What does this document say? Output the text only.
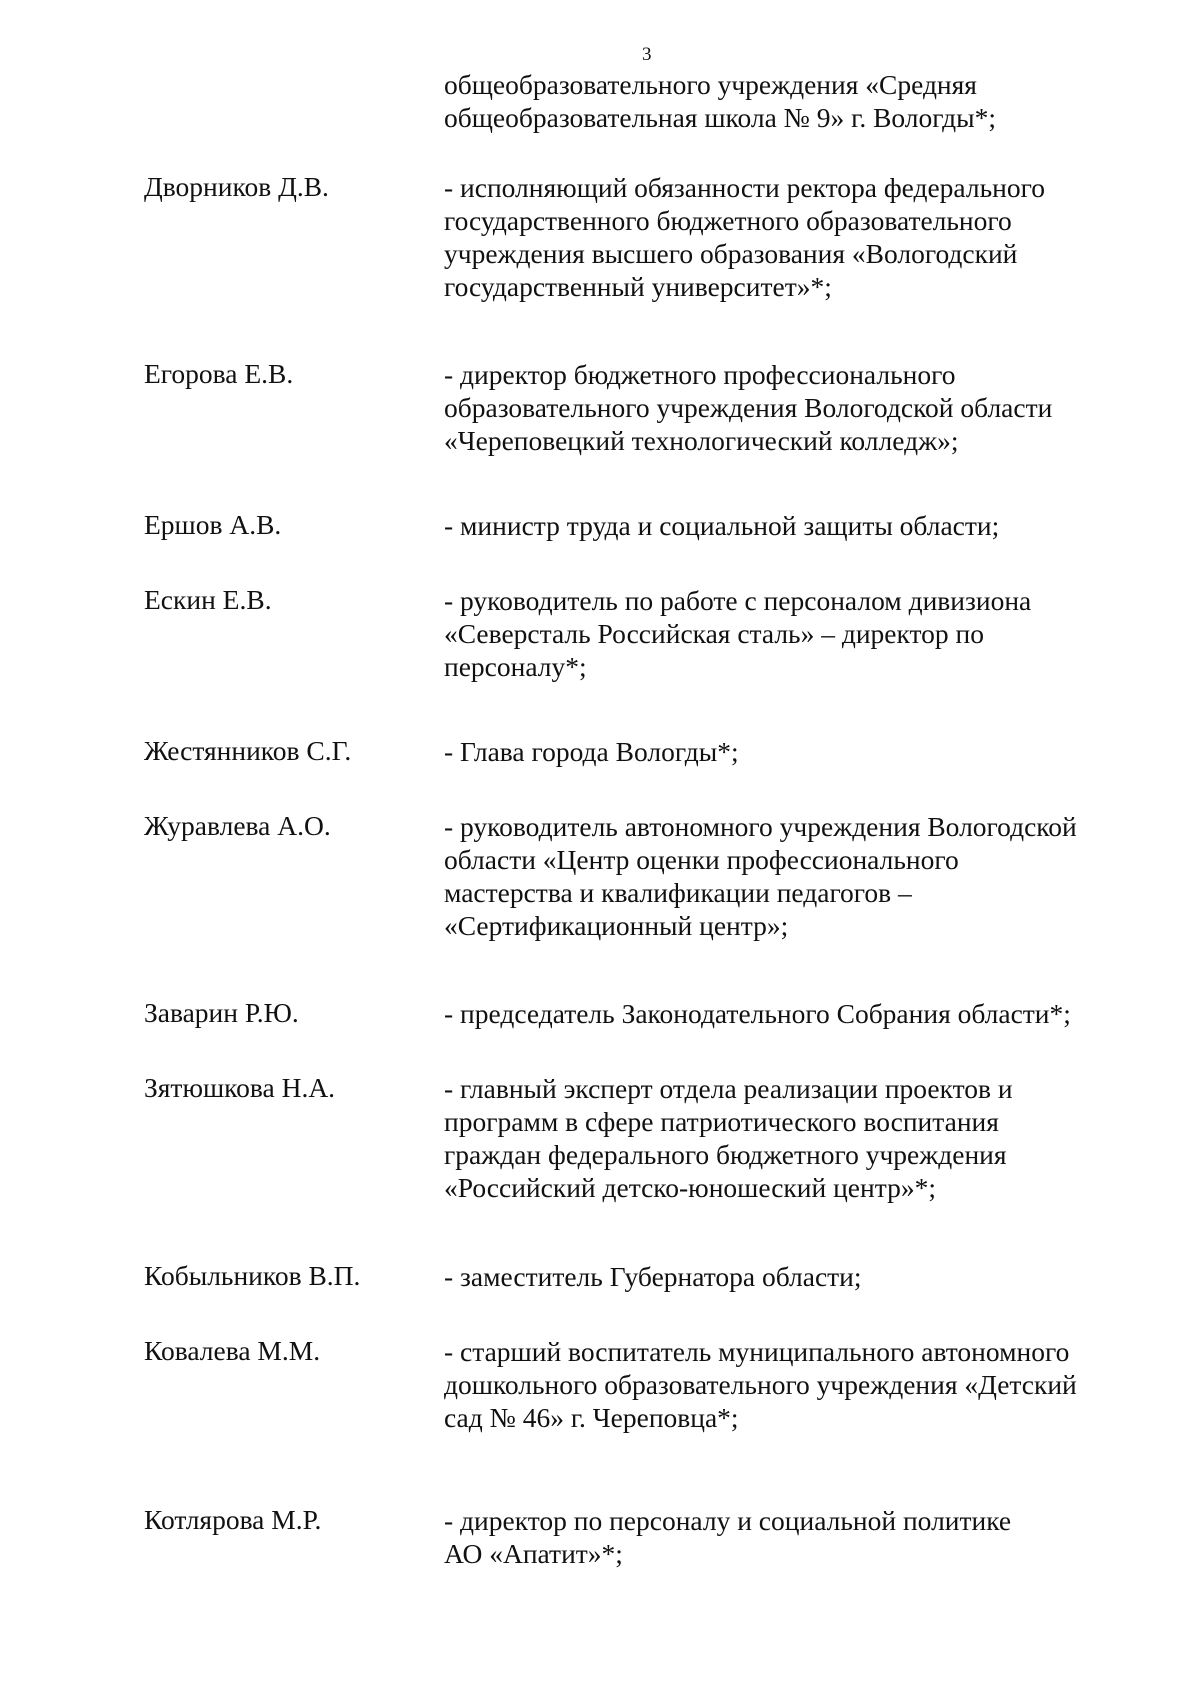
3
общеобразовательного учреждения «Средняя
общеобразовательная школа № 9» г. Вологды*;
Дворников Д.В.	- исполняющий обязанности ректора федерального
государственного бюджетного образовательного
учреждения высшего образования «Вологодский
государственный университет»*;
Егорова Е.В.	- директор бюджетного профессионального
образовательного учреждения Вологодской области
«Череповецкий технологический колледж»;
Ершов А.В.	- министр труда и социальной защиты области;
Ескин Е.В.	- руководитель по работе с персоналом дивизиона
«Северсталь Российская сталь» – директор по
персоналу*;
Жестянников С.Г.	- Глава города Вологды*;
Журавлева А.О.	- руководитель автономного учреждения Вологодской
области «Центр оценки профессионального
мастерства и квалификации педагогов –
«Сертификационный центр»;
Заварин Р.Ю.	- председатель Законодательного Собрания области*;
Зятюшкова Н.А.	- главный эксперт отдела реализации проектов и
программ в сфере патриотического воспитания
граждан федерального бюджетного учреждения
«Российский детско-юношеский центр»*;
Кобыльников В.П.	- заместитель Губернатора области;
Ковалева М.М.	- старший воспитатель муниципального автономного
дошкольного образовательного учреждения «Детский
сад № 46» г. Череповца*;
Котлярова М.Р.	- директор по персоналу и социальной политике
АО «Апатит»*;
